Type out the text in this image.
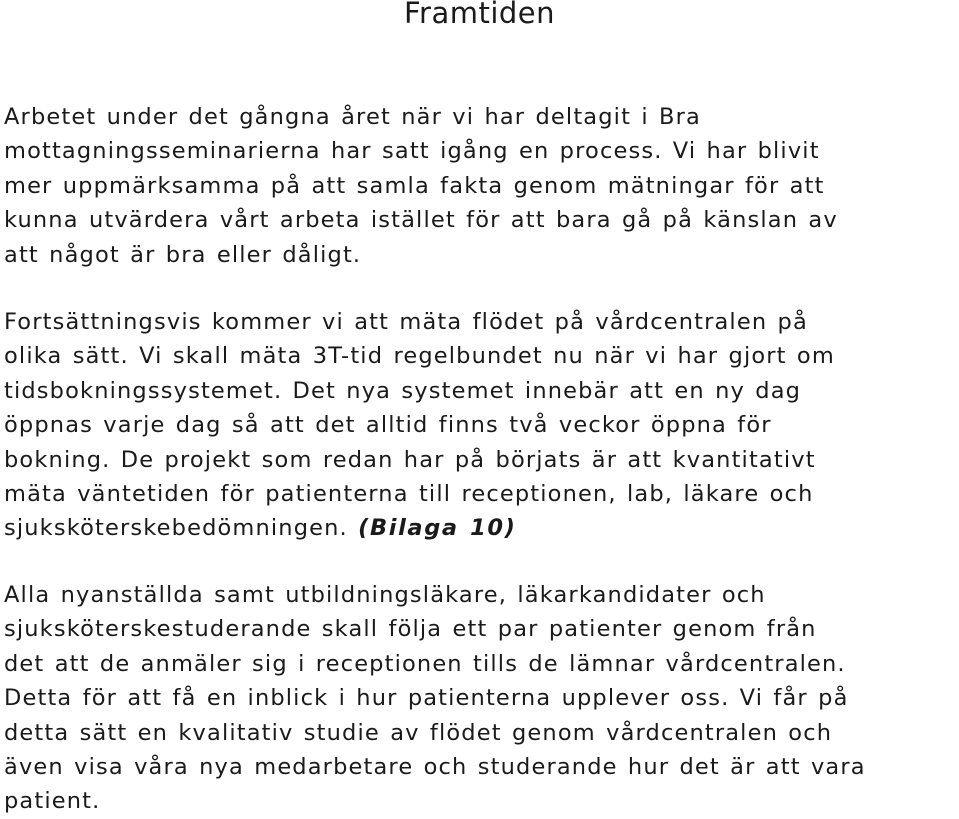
Framtiden

Arbetet under det gångna året när vi har deltagit i Bra
mottagningsseminarierna har satt igång en process. Vi har blivit
mer uppmärksamma på att samla fakta genom mätningar för att
kunna utvärdera vårt arbeta istället för att bara gå på känslan av
att något är bra eller dåligt.

Fortsättningsvis kommer vi att mäta flödet på vårdcentralen på
olika sätt. Vi skall mäta 3T-tid regelbundet nu när vi har gjort om
tidsbokningssystemet. Det nya systemet innebär att en ny dag
öppnas varje dag så att det alltid finns två veckor öppna för
bokning. De projekt som redan har på börjats är att kvantitativt
mäta väntetiden för patienterna till receptionen, lab, läkare och
sjuksköterskebedömningen. (Bilaga 10)

Alla nyanställda samt utbildningsläkare, läkarkandidater och
sjuksköterskestuderande skall följa ett par patienter genom från
det att de anmäler sig i receptionen tills de lämnar vårdcentralen.
Detta för att få en inblick i hur patienterna upplever oss. Vi får på
detta sätt en kvalitativ studie av flödet genom vårdcentralen och
även visa våra nya medarbetare och studerande hur det är att vara
patient.
